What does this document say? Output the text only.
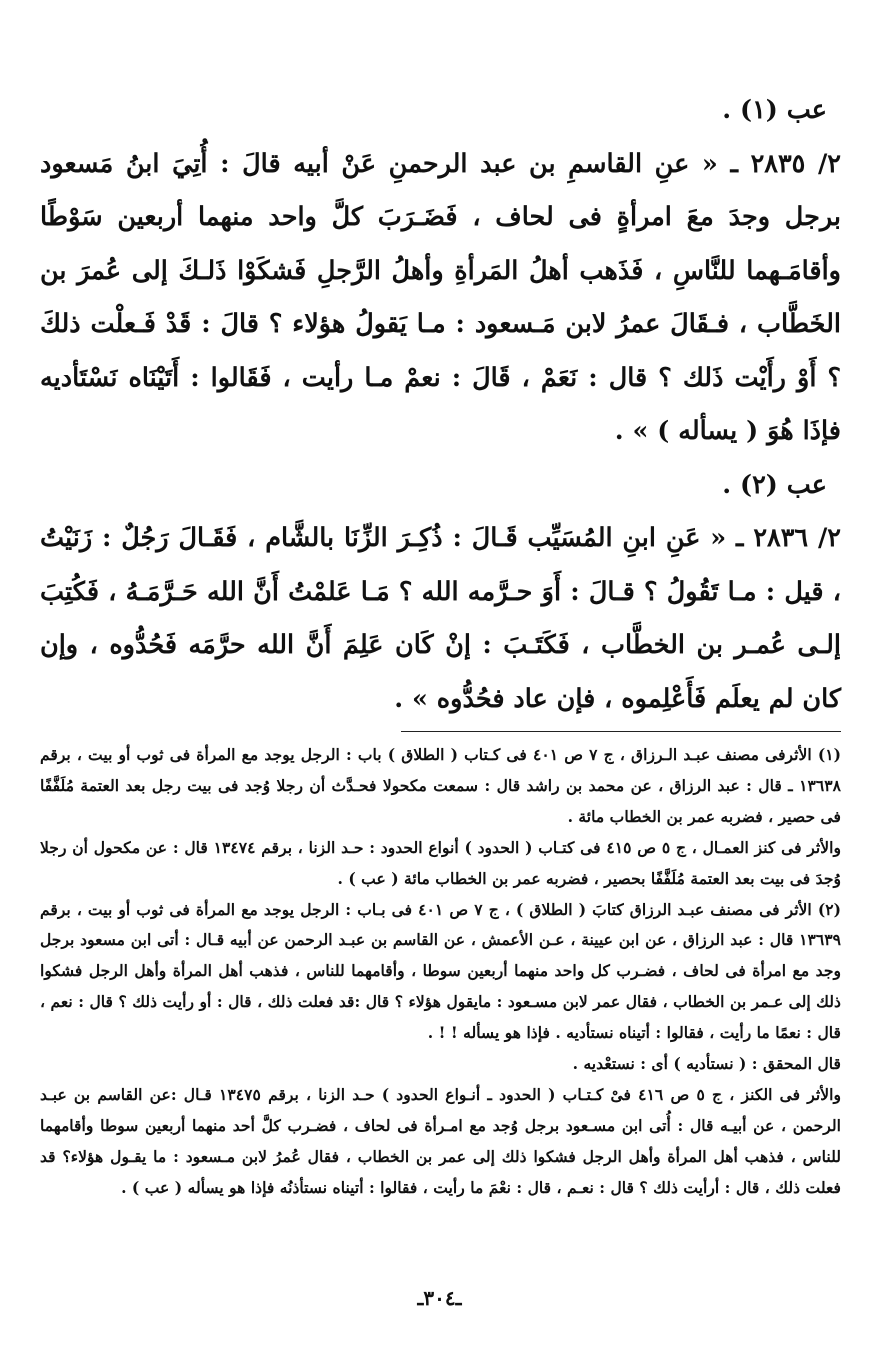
عب (١) .

٢/ ٢٨٣٥ ـ « عنِ القاسمِ بن عبد الرحمنِ عَنْ أبيه قالَ : أُتِيَ ابنُ مَسعود برجل وجدَ معَ امرأةٍ فى لحاف ، فَضَـرَبَ كلَّ واحد منهما أربعين سَوْطًا وأقامَـهما للنَّاسِ ، فَذَهب أهلُ المَرأةِ وأهلُ الرَّجلِ فَشكَوْا ذَلـكَ إلى عُمرَ بن الخَطَّاب ، فـقَالَ عمرُ لابن مَـسعود : مـا يَقولُ هؤلاء ؟ قالَ : قَدْ فَـعلْت ذلكَ ؟ أَوْ رأَيْت ذَلك ؟ قال : نَعَمْ ، قَالَ : نعمْ مـا رأيت ، فَقَالوا : أَتَيْنَاه نَسْتَأديه فإذَا هُوَ ( يسأله ) » .

عب (٢) .

٢/ ٢٨٣٦ ـ « عَنِ ابنِ المُسَيِّب قَـالَ : ذُكِـرَ الزِّنَا بالشَّام ، فَقَـالَ رَجُلٌ : زَنَيْتُ ، قيل : مـا تَقُولُ ؟ قـالَ : أَوَ حـرَّمه الله ؟ مَـا عَلمْتُ أَنَّ الله حَـرَّمَـهُ ، فَكُتِبَ إلـى عُمـر بن الخطَّاب ، فَكَتَـبَ : إنْ كَان عَلِمَ أَنَّ الله حرَّمَه فَحُدُّوه ، وإن كان لم يعلَم فَأَعْلِموه ، فإن عاد فحُدُّوه » .

(١) الأثرفى مصنف عبـد الـرزاق ، ج ٧ ص ٤٠١ فى كـتاب ( الطلاق ) باب : الرجل يوجد مع المرأة فى ثوب أو بيت ، برقم ١٣٦٣٨ ـ قال : عبد الرزاق ، عن محمد بن راشد قال : سمعت مكحولا فحـدَّث أن رجلا وُجد فى بيت رجل بعد العتمة مُلَفَّفًا فى حصير ، فضربه عمر بن الخطاب مائة .

والأثر فى كنز العمـال ، ج ٥ ص ٤١٥ فى كتـاب ( الحدود ) أنواع الحدود : حـد الزنا ، برقم ١٣٤٧٤ قال : عن مكحول أن رجلا وُجدَ فى بيت بعد العتمة مُلَفَّفًا بحصير ، فضربه عمر بن الخطاب مائة ( عب ) .

(٢) الأثر فى مصنف عبـد الرزاق كتابَ ( الطلاق ) ، ج ٧ ص ٤٠١ فى بـاب : الرجل يوجد مع المرأة فى ثوب أو بيت ، برقم ١٣٦٣٩ قال : عبد الرزاق ، عن ابن عيينة ، عـن الأعمش ، عن القاسم بن عبـد الرحمن عن أبيه قـال : أتى ابن مسعود برجل وجد مع امرأة فى لحاف ، فضـرب كل واحد منهما أربعين سوطا ، وأقامهما للناس ، فذهب أهل المرأة وأهل الرجل فشكوا ذلك إلى عـمر بن الخطاب ، فقال عمر لابن مسـعود : مايقول هؤلاء ؟ قال :قد فعلت ذلك ، قال : أو رأيت ذلك ؟ قال : نعم ، قال : نعمًا ما رأيت ، فقالوا : أتيناه نستأديه . فإذا هو يسأله ! ! .

قال المحقق : ( نستأديه ) أى : نستعْديه .

والأثر فى الكنز ، ج ٥ ص ٤١٦ فىْ كـتـاب ( الحدود ـ أنـواع الحدود ) حـد الزنا ، برقم ١٣٤٧٥ قـال :عن القاسم بن عبـد الرحمن ، عن أبيـه قال : أُتى ابن مسـعود برجل وُجد مع امـرأة فى لحاف ، فضـرب كلَّ أحد منهما أربعين سوطا وأقامهما للناس ، فذهب أهل المرأة وأهل الرجل فشكوا ذلك إلى عمر بن الخطاب ، فقال عُمرُ لابن مـسعود : ما يقـول هؤلاء؟ قد فعلت ذلك ، قال : أرأيت ذلك ؟ قال : نعـم ، قال : نعْمَ ما رأيت ، فقالوا : أتيناه نستأذنُه فإذا هو يسأله ( عب ) .

ـ٣٠٤ـ
